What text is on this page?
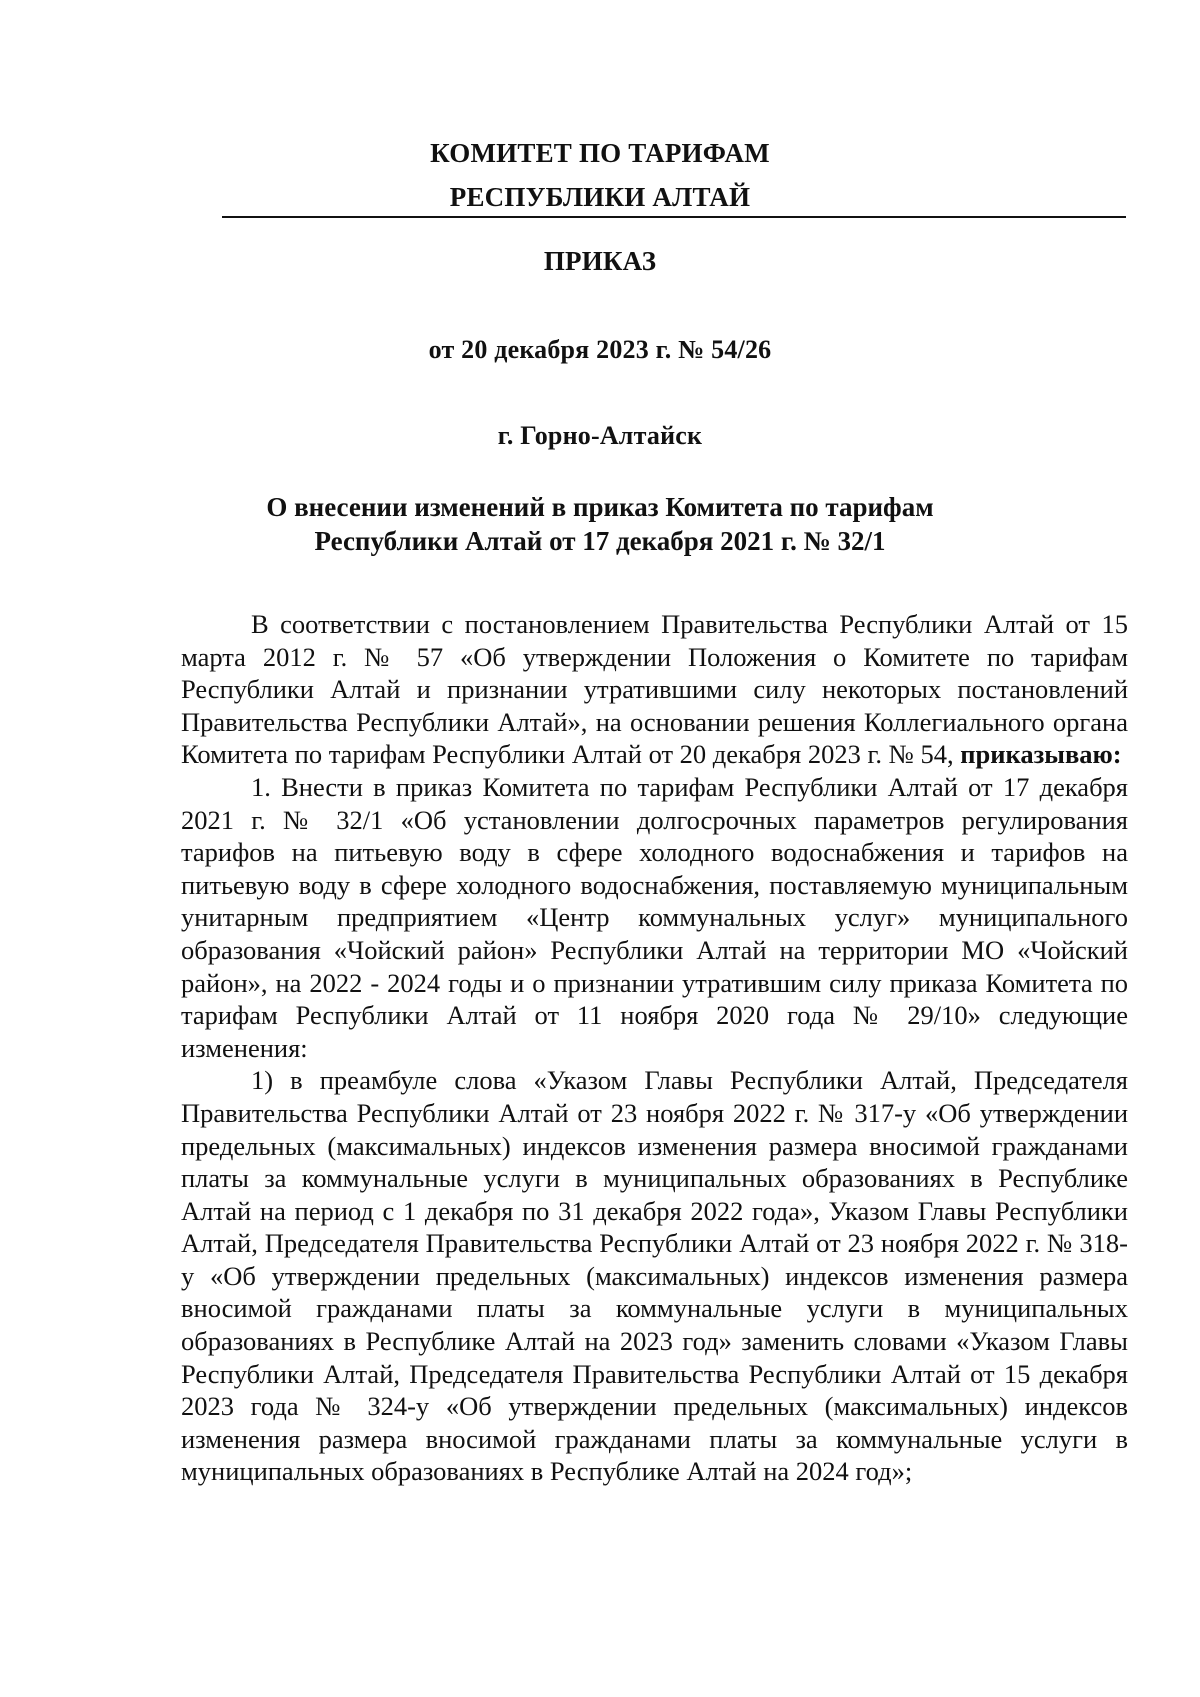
КОМИТЕТ ПО ТАРИФАМ
РЕСПУБЛИКИ АЛТАЙ
ПРИКАЗ
от 20 декабря 2023 г. № 54/26
г. Горно-Алтайск
О внесении изменений в приказ Комитета по тарифам
Республики Алтай от 17 декабря 2021 г. № 32/1

В соответствии с постановлением Правительства Республики Алтай от 15 марта 2012 г. № 57 «Об утверждении Положения о Комитете по тарифам Республики Алтай и признании утратившими силу некоторых постановлений Правительства Республики Алтай», на основании решения Коллегиального органа Комитета по тарифам Республики Алтай от 20 декабря 2023 г. № 54, приказываю:

1. Внести в приказ Комитета по тарифам Республики Алтай от 17 декабря 2021 г. № 32/1 «Об установлении долгосрочных параметров регулирования тарифов на питьевую воду в сфере холодного водоснабжения и тарифов на питьевую воду в сфере холодного водоснабжения, поставляемую муниципальным унитарным предприятием «Центр коммунальных услуг» муниципального образования «Чойский район» Республики Алтай на территории МО «Чойский район», на 2022 - 2024 годы и о признании утратившим силу приказа Комитета по тарифам Республики Алтай от 11 ноября 2020 года № 29/10» следующие изменения:

1) в преамбуле слова «Указом Главы Республики Алтай, Председателя Правительства Республики Алтай от 23 ноября 2022 г. № 317-у «Об утверждении предельных (максимальных) индексов изменения размера вносимой гражданами платы за коммунальные услуги в муниципальных образованиях в Республике Алтай на период с 1 декабря по 31 декабря 2022 года», Указом Главы Республики Алтай, Председателя Правительства Республики Алтай от 23 ноября 2022 г. № 318-у «Об утверждении предельных (максимальных) индексов изменения размера вносимой гражданами платы за коммунальные услуги в муниципальных образованиях в Республике Алтай на 2023 год» заменить словами «Указом Главы Республики Алтай, Председателя Правительства Республики Алтай от 15 декабря 2023 года № 324-у «Об утверждении предельных (максимальных) индексов изменения размера вносимой гражданами платы за коммунальные услуги в муниципальных образованиях в Республике Алтай на 2024 год»;
